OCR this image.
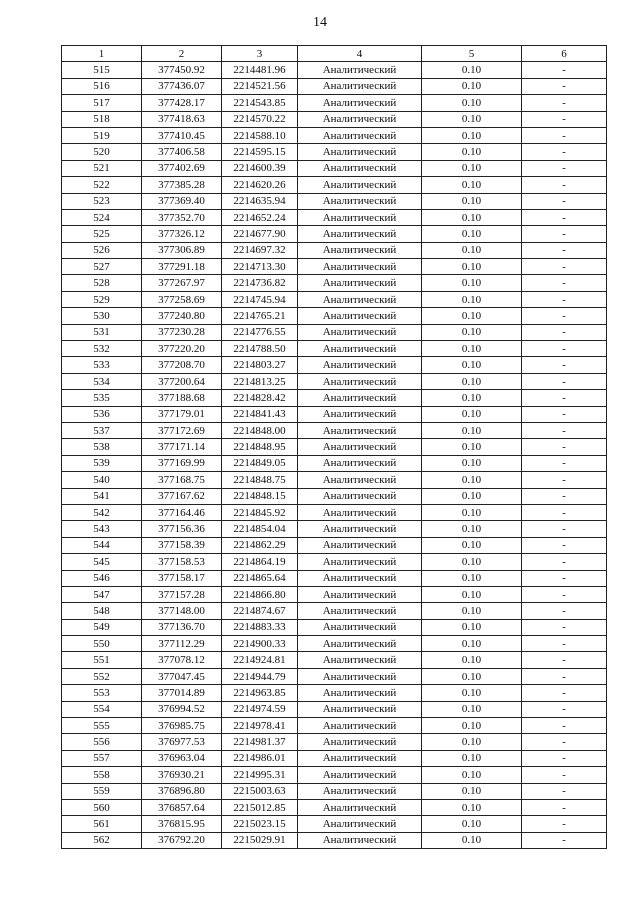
14
1	2	3	4	5	6
515	377450.92	2214481.96	Аналитический	0.10	-
516	377436.07	2214521.56	Аналитический	0.10	-
517	377428.17	2214543.85	Аналитический	0.10	-
518	377418.63	2214570.22	Аналитический	0.10	-
519	377410.45	2214588.10	Аналитический	0.10	-
520	377406.58	2214595.15	Аналитический	0.10	-
521	377402.69	2214600.39	Аналитический	0.10	-
522	377385.28	2214620.26	Аналитический	0.10	-
523	377369.40	2214635.94	Аналитический	0.10	-
524	377352.70	2214652.24	Аналитический	0.10	-
525	377326.12	2214677.90	Аналитический	0.10	-
526	377306.89	2214697.32	Аналитический	0.10	-
527	377291.18	2214713.30	Аналитический	0.10	-
528	377267.97	2214736.82	Аналитический	0.10	-
529	377258.69	2214745.94	Аналитический	0.10	-
530	377240.80	2214765.21	Аналитический	0.10	-
531	377230.28	2214776.55	Аналитический	0.10	-
532	377220.20	2214788.50	Аналитический	0.10	-
533	377208.70	2214803.27	Аналитический	0.10	-
534	377200.64	2214813.25	Аналитический	0.10	-
535	377188.68	2214828.42	Аналитический	0.10	-
536	377179.01	2214841.43	Аналитический	0.10	-
537	377172.69	2214848.00	Аналитический	0.10	-
538	377171.14	2214848.95	Аналитический	0.10	-
539	377169.99	2214849.05	Аналитический	0.10	-
540	377168.75	2214848.75	Аналитический	0.10	-
541	377167.62	2214848.15	Аналитический	0.10	-
542	377164.46	2214845.92	Аналитический	0.10	-
543	377156.36	2214854.04	Аналитический	0.10	-
544	377158.39	2214862.29	Аналитический	0.10	-
545	377158.53	2214864.19	Аналитический	0.10	-
546	377158.17	2214865.64	Аналитический	0.10	-
547	377157.28	2214866.80	Аналитический	0.10	-
548	377148.00	2214874.67	Аналитический	0.10	-
549	377136.70	2214883.33	Аналитический	0.10	-
550	377112.29	2214900.33	Аналитический	0.10	-
551	377078.12	2214924.81	Аналитический	0.10	-
552	377047.45	2214944.79	Аналитический	0.10	-
553	377014.89	2214963.85	Аналитический	0.10	-
554	376994.52	2214974.59	Аналитический	0.10	-
555	376985.75	2214978.41	Аналитический	0.10	-
556	376977.53	2214981.37	Аналитический	0.10	-
557	376963.04	2214986.01	Аналитический	0.10	-
558	376930.21	2214995.31	Аналитический	0.10	-
559	376896.80	2215003.63	Аналитический	0.10	-
560	376857.64	2215012.85	Аналитический	0.10	-
561	376815.95	2215023.15	Аналитический	0.10	-
562	376792.20	2215029.91	Аналитический	0.10	-
